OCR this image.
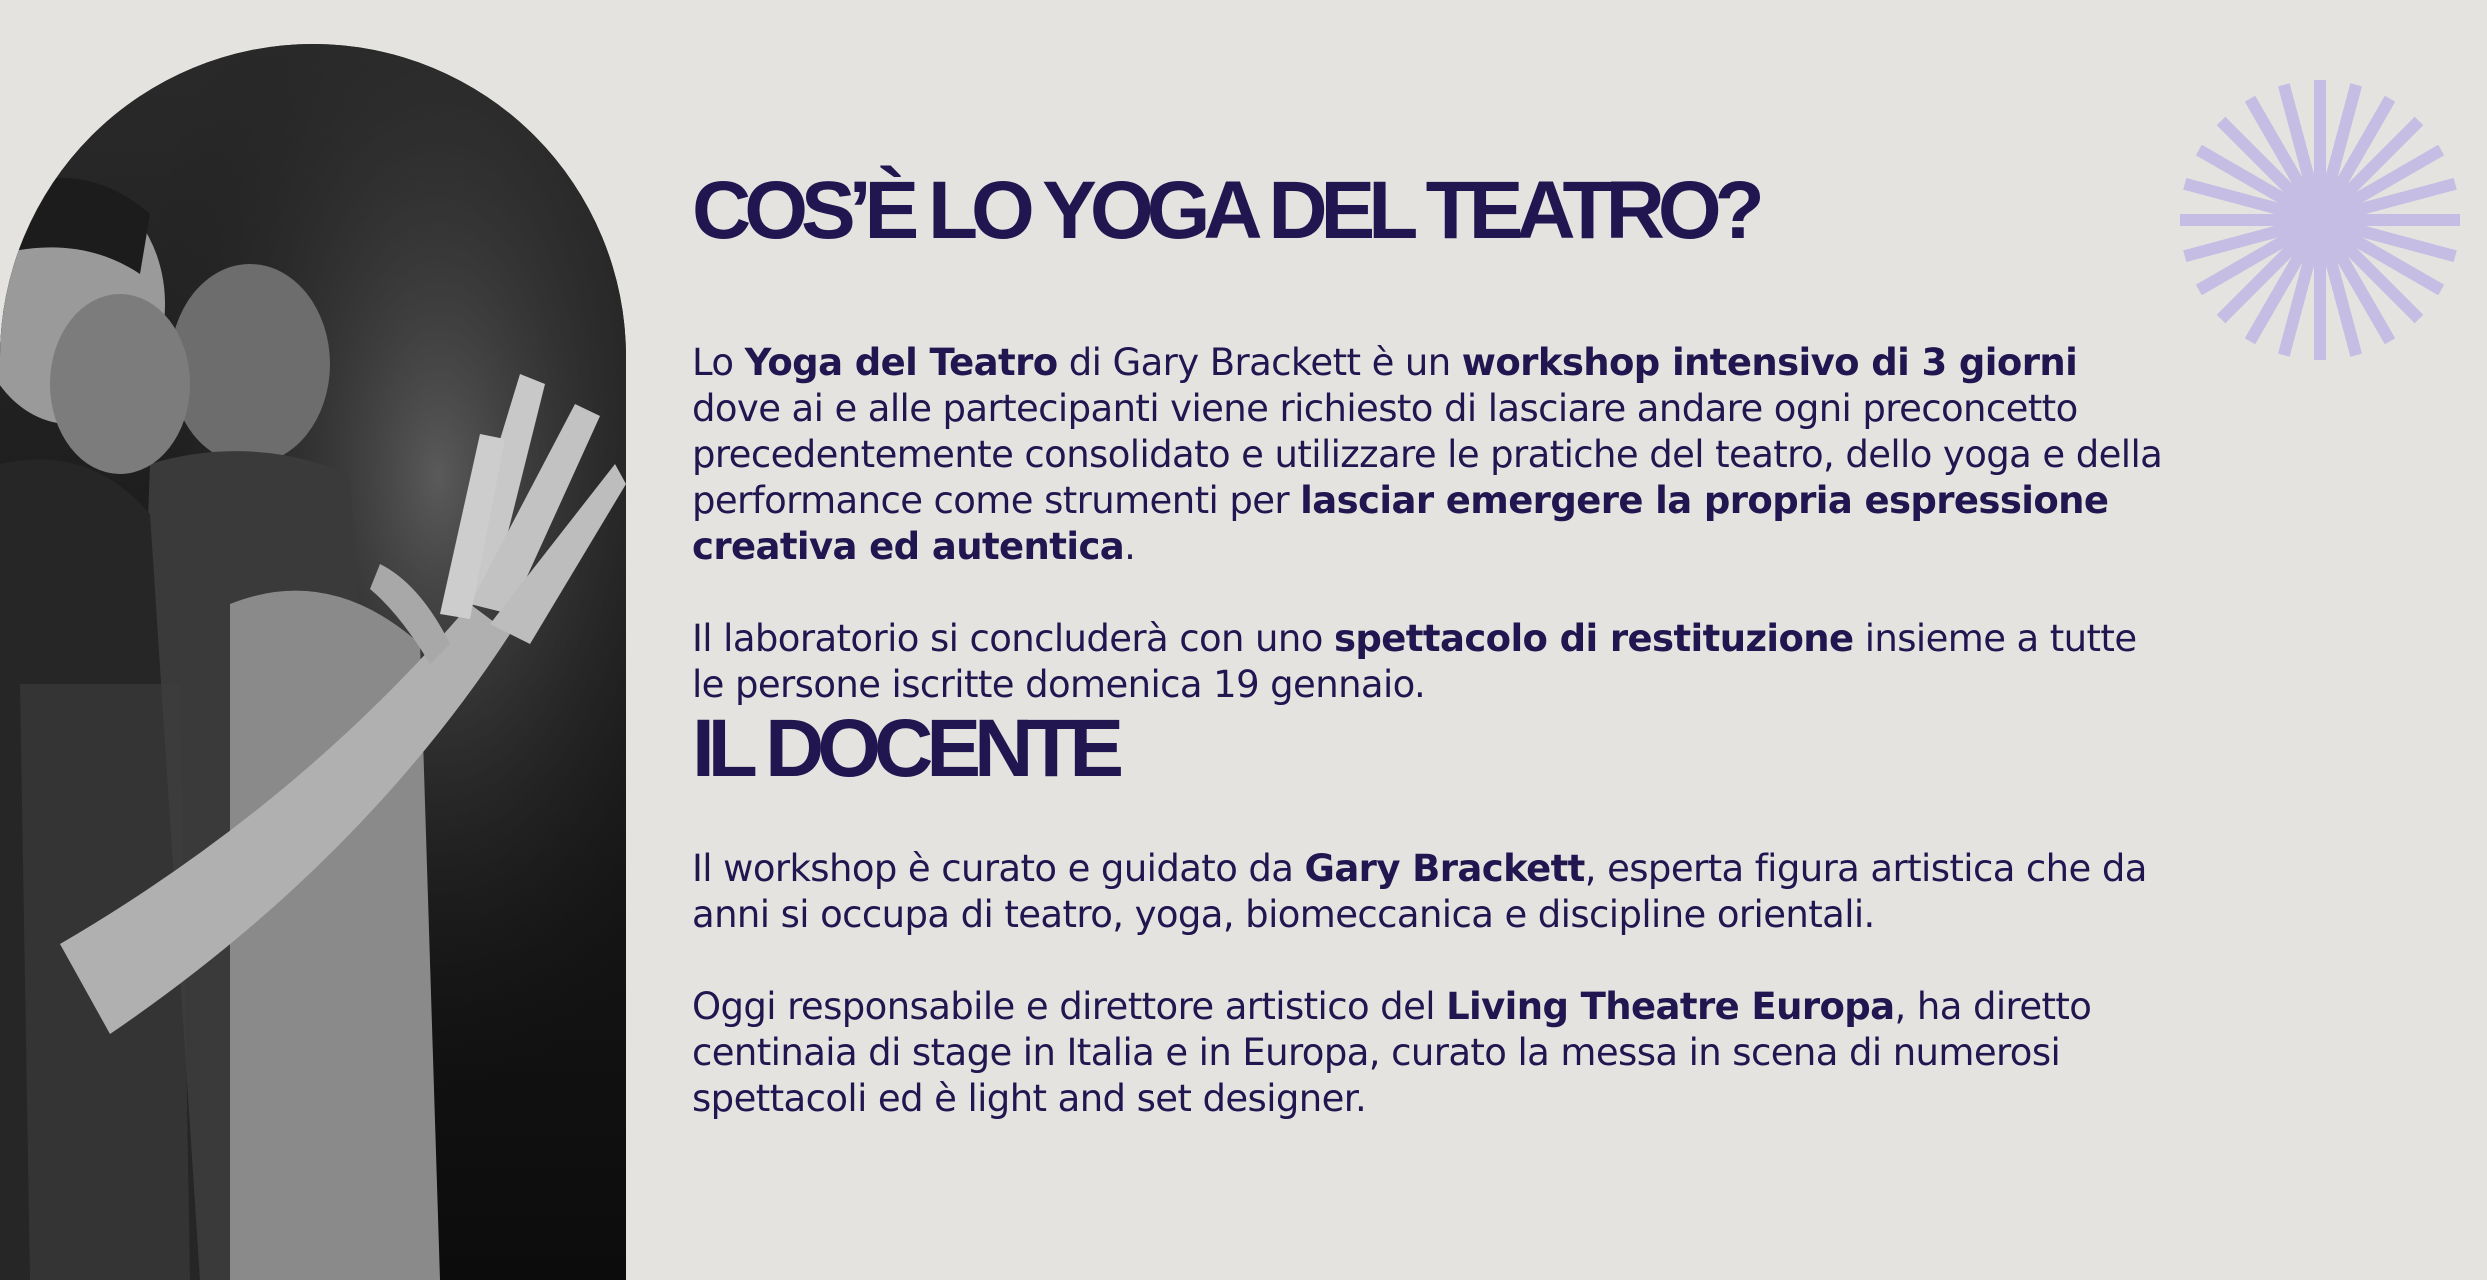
COS’È LO YOGA DEL TEATRO?

Lo Yoga del Teatro di Gary Brackett è un workshop intensivo di 3 giorni dove ai e alle partecipanti viene richiesto di lasciare andare ogni preconcetto precedentemente consolidato e utilizzare le pratiche del teatro, dello yoga e della performance come strumenti per lasciar emergere la propria espressione creativa ed autentica.

Il laboratorio si concluderà con uno spettacolo di restituzione insieme a tutte le persone iscritte domenica 19 gennaio.

IL DOCENTE

Il workshop è curato e guidato da Gary Brackett, esperta figura artistica che da anni si occupa di teatro, yoga, biomeccanica e discipline orientali.

Oggi responsabile e direttore artistico del Living Theatre Europa, ha diretto centinaia di stage in Italia e in Europa, curato la messa in scena di numerosi spettacoli ed è light and set designer.
